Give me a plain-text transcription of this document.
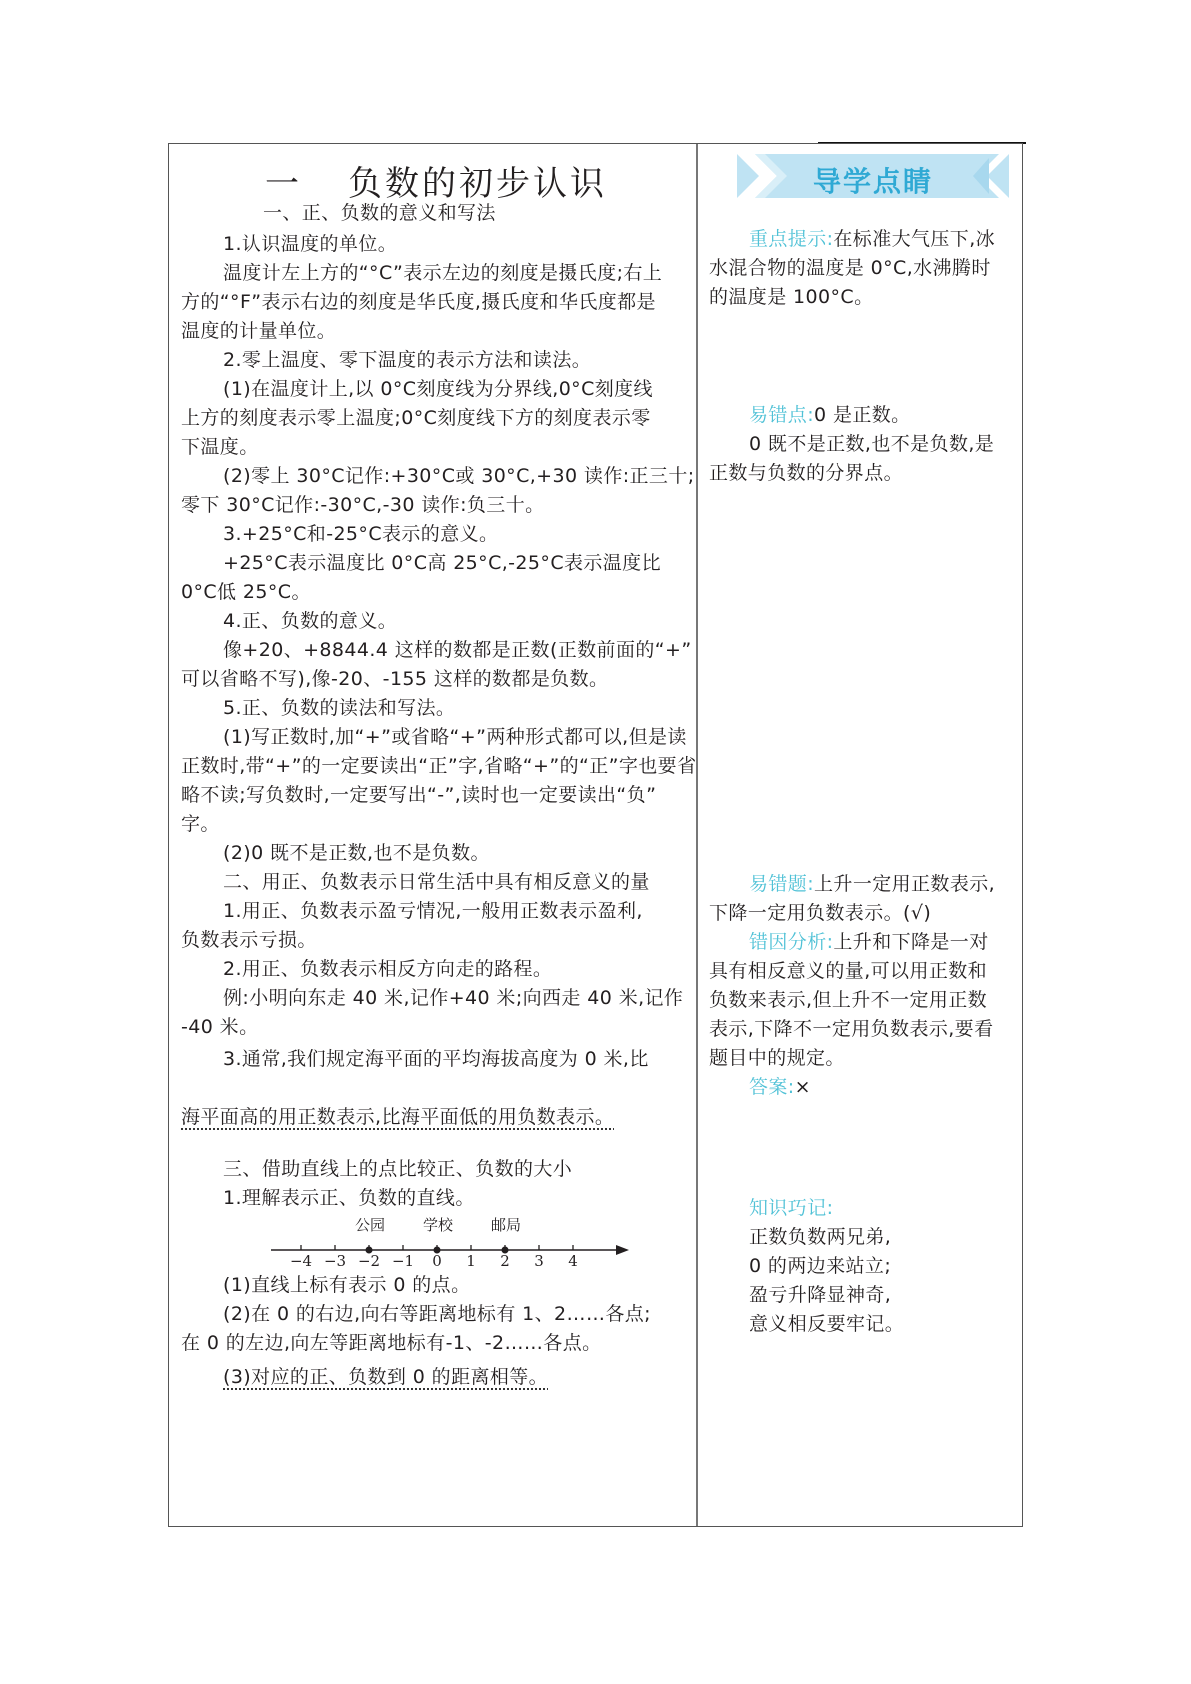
一 负数的初步认识
公园	学校	邮局
−4 −3 −2 −1	0	1	2	3	4
一、正、负数的意义和写法
1.认识温度的单位。
温度计左上方的“°C”表示左边的刻度是摄氏度;右上
方的“°F”表示右边的刻度是华氏度,摄氏度和华氏度都是
温度的计量单位。
2.零上温度、零下温度的表示方法和读法。
(1)在温度计上,以 0°C刻度线为分界线,0°C刻度线
上方的刻度表示零上温度;0°C刻度线下方的刻度表示零
下温度。
(2)零上 30°C记作:+30°C或 30°C,+30 读作:正三十;
零下 30°C记作:-30°C,-30 读作:负三十。
3.+25°C和-25°C表示的意义。
+25°C表示温度比 0°C高 25°C,-25°C表示温度比
0°C低 25°C。
4.正、负数的意义。
像+20、+8844.4 这样的数都是正数(正数前面的“+”
可以省略不写),像-20、-155 这样的数都是负数。
5.正、负数的读法和写法。
(1)写正数时,加“+”或省略“+”两种形式都可以,但是读
正数时,带“+”的一定要读出“正”字,省略“+”的“正”字也要省
略不读;写负数时,一定要写出“-”,读时也一定要读出“负”
字。
(2)0 既不是正数,也不是负数。
二、用正、负数表示日常生活中具有相反意义的量
1.用正、负数表示盈亏情况,一般用正数表示盈利,
负数表示亏损。
2.用正、负数表示相反方向走的路程。
例:小明向东走 40 米,记作+40 米;向西走 40 米,记作
-40 米。
3.通常,我们规定海平面的平均海拔高度为 0 米,比
海平面高的用正数表示,比海平面低的用负数表示。
三、借助直线上的点比较正、负数的大小
1.理解表示正、负数的直线。
(1)直线上标有表示 0 的点。
(2)在 0 的右边,向右等距离地标有 1、2……各点;
在 0 的左边,向左等距离地标有-1、-2……各点。
(3)对应的正、负数到 0 的距离相等。
导学点睛
重点提示:在标准大气压下,冰
水混合物的温度是 0°C,水沸腾时
的温度是 100°C。
易错点:0 是正数。
0 既不是正数,也不是负数,是
正数与负数的分界点。
易错题:上升一定用正数表示,
下降一定用负数表示。(√)
错因分析:上升和下降是一对
具有相反意义的量,可以用正数和
负数来表示,但上升不一定用正数
表示,下降不一定用负数表示,要看
题目中的规定。
答案:×
知识巧记:
正数负数两兄弟,
0 的两边来站立;
盈亏升降显神奇,
意义相反要牢记。
